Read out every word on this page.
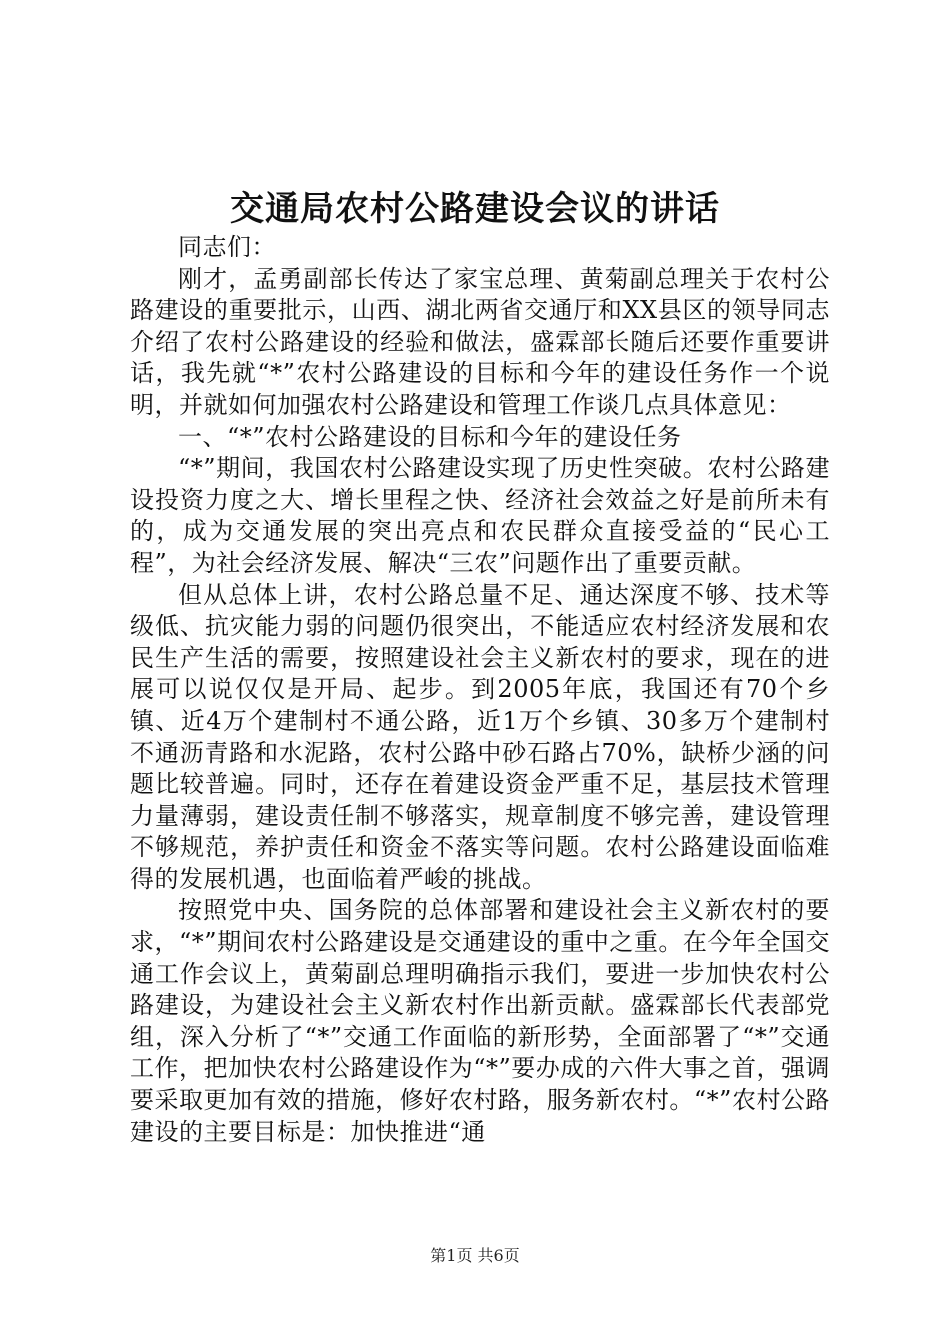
交通局农村公路建设会议的讲话

同志们：

刚才，孟勇副部长传达了家宝总理、黄菊副总理关于农村公路建设的重要批示，山西、湖北两省交通厅和XX县区的领导同志介绍了农村公路建设的经验和做法，盛霖部长随后还要作重要讲话，我先就“*”农村公路建设的目标和今年的建设任务作一个说明，并就如何加强农村公路建设和管理工作谈几点具体意见：

一、“*”农村公路建设的目标和今年的建设任务

“*”期间，我国农村公路建设实现了历史性突破。农村公路建设投资力度之大、增长里程之快、经济社会效益之好是前所未有的，成为交通发展的突出亮点和农民群众直接受益的“民心工程”，为社会经济发展、解决“三农”问题作出了重要贡献。

但从总体上讲，农村公路总量不足、通达深度不够、技术等级低、抗灾能力弱的问题仍很突出，不能适应农村经济发展和农民生产生活的需要，按照建设社会主义新农村的要求，现在的进展可以说仅仅是开局、起步。到2005年底，我国还有70个乡镇、近4万个建制村不通公路，近1万个乡镇、30多万个建制村不通沥青路和水泥路，农村公路中砂石路占70%，缺桥少涵的问题比较普遍。同时，还存在着建设资金严重不足，基层技术管理力量薄弱，建设责任制不够落实，规章制度不够完善，建设管理不够规范，养护责任和资金不落实等问题。农村公路建设面临难得的发展机遇，也面临着严峻的挑战。

按照党中央、国务院的总体部署和建设社会主义新农村的要求，“*”期间农村公路建设是交通建设的重中之重。在今年全国交通工作会议上，黄菊副总理明确指示我们，要进一步加快农村公路建设，为建设社会主义新农村作出新贡献。盛霖部长代表部党组，深入分析了“*”交通工作面临的新形势，全面部署了“*”交通工作，把加快农村公路建设作为“*”要办成的六件大事之首，强调要采取更加有效的措施，修好农村路，服务新农村。“*”农村公路建设的主要目标是：加快推进“通

第1页 共6页
